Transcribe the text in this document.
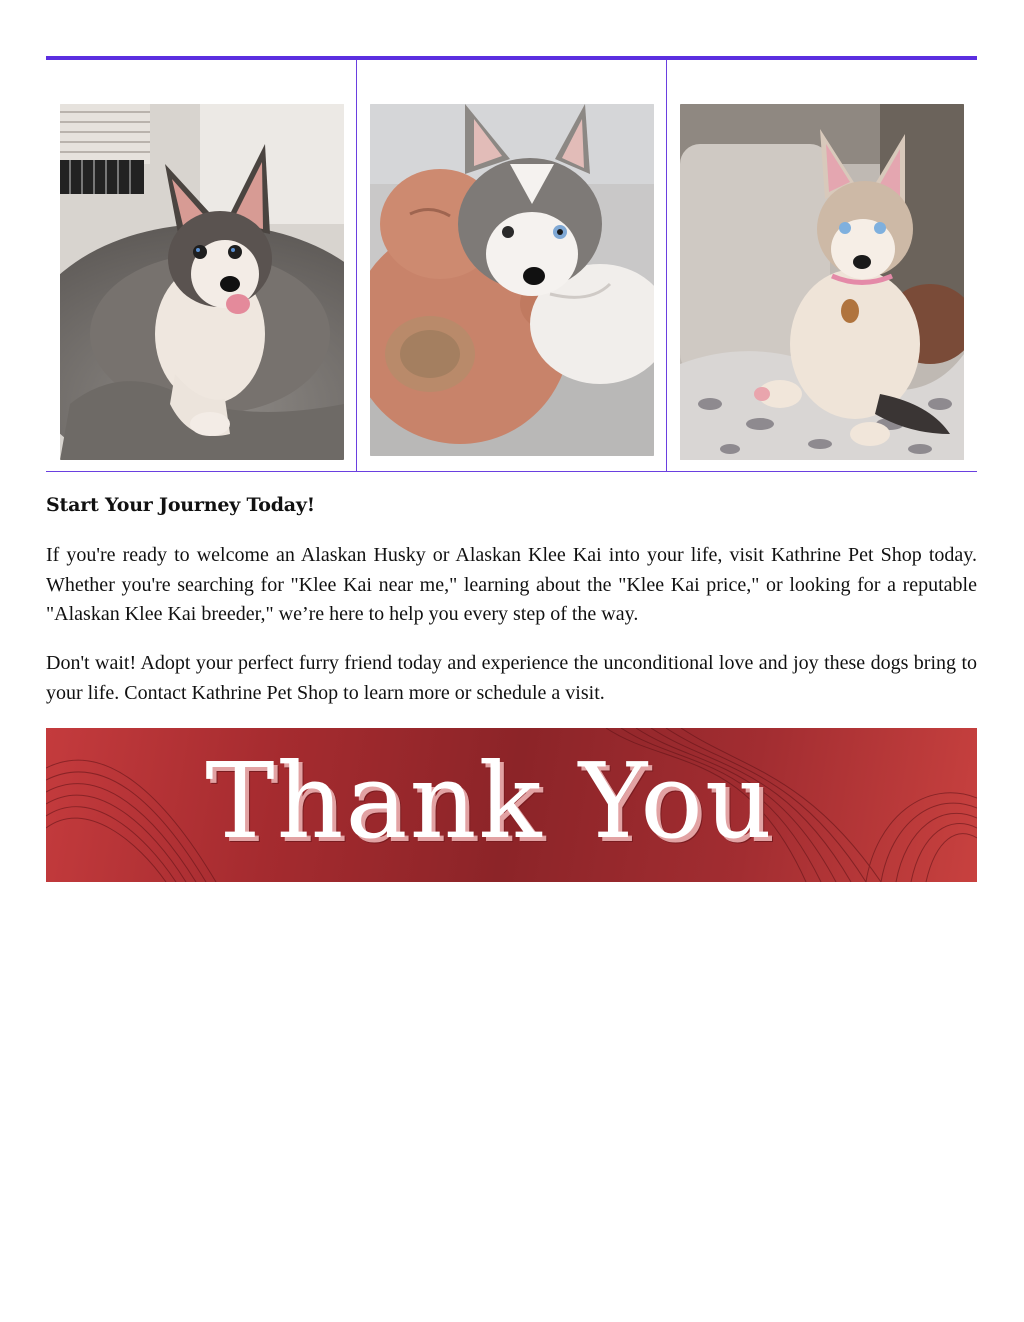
Start Your Journey Today!

If you're ready to welcome an Alaskan Husky or Alaskan Klee Kai into your life, visit Kathrine Pet Shop today. Whether you're searching for "Klee Kai near me," learning about the "Klee Kai price," or looking for a reputable "Alaskan Klee Kai breeder," we’re here to help you every step of the way.

Don't wait! Adopt your perfect furry friend today and experience the unconditional love and joy these dogs bring to your life. Contact Kathrine Pet Shop to learn more or schedule a visit.

Thank You
